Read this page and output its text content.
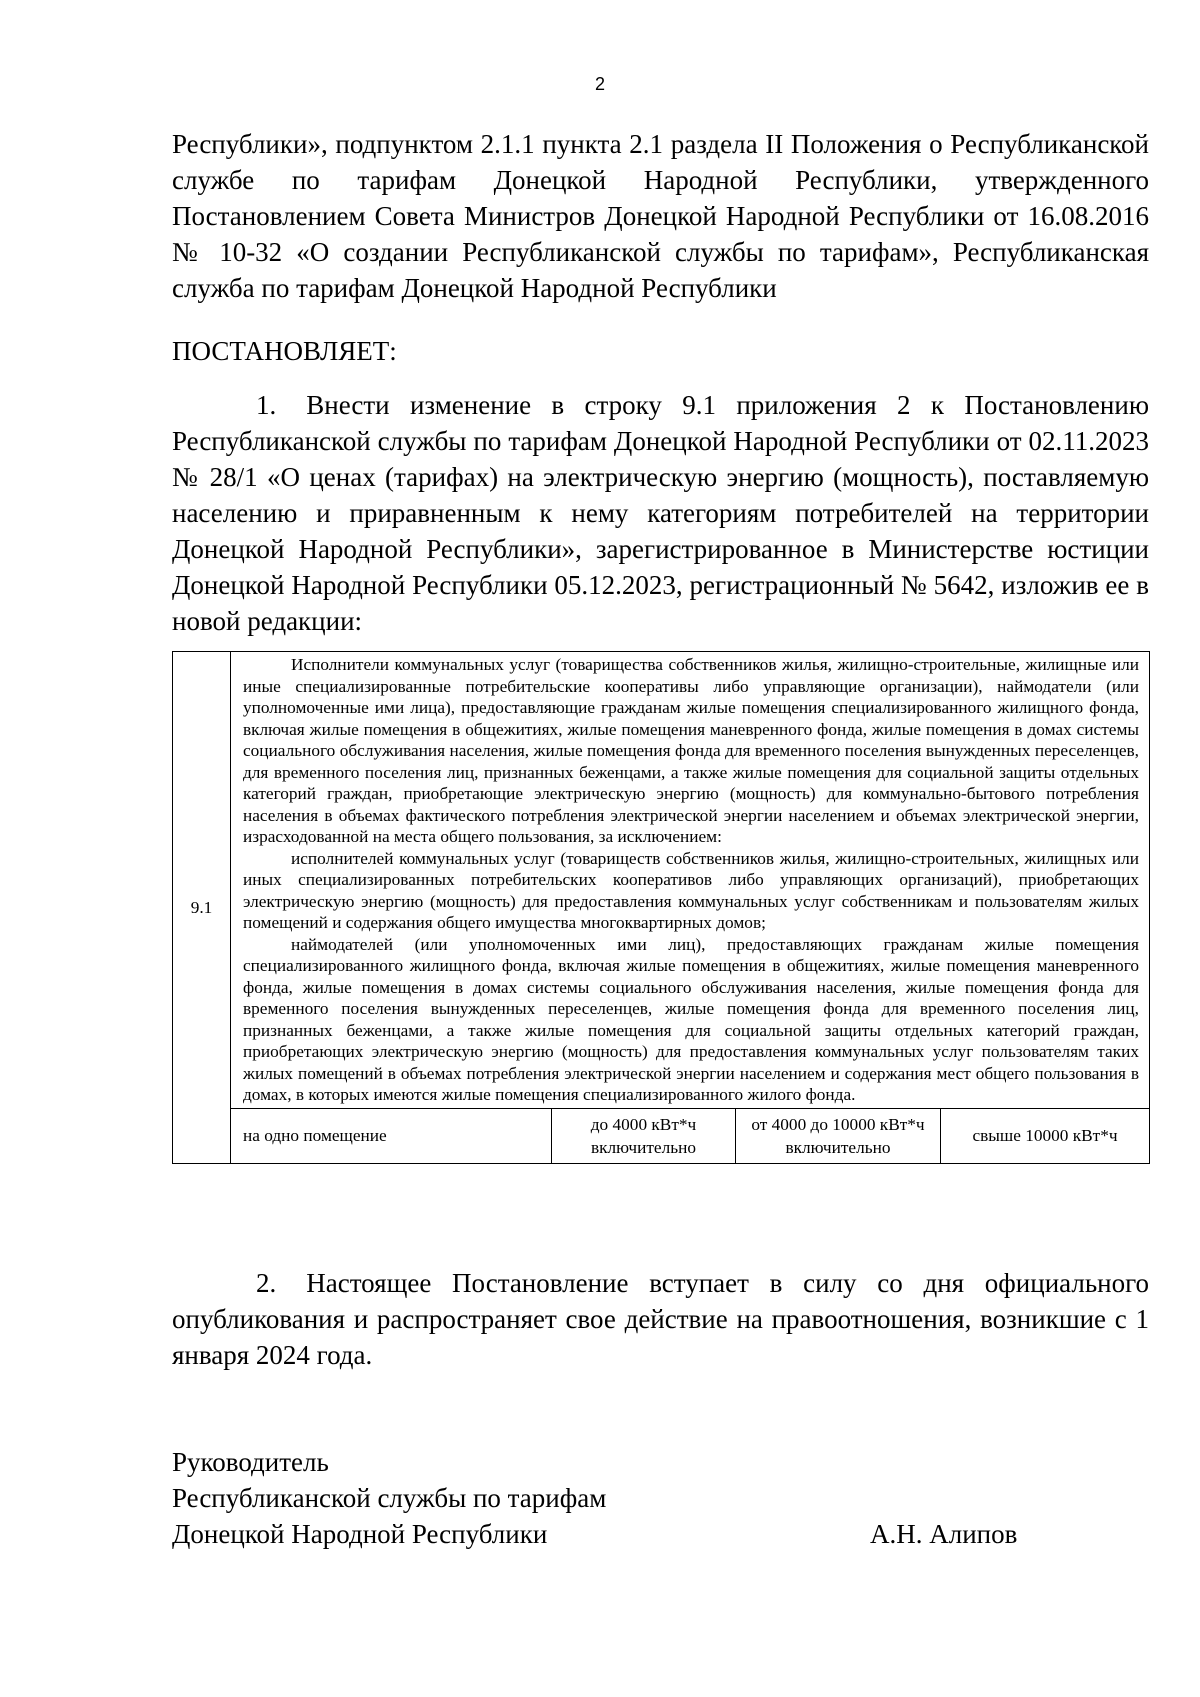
2

Республики», подпунктом 2.1.1 пункта 2.1 раздела II Положения о Республиканской службе по тарифам Донецкой Народной Республики, утвержденного Постановлением Совета Министров Донецкой Народной Республики от 16.08.2016 № 10-32 «О создании Республиканской службы по тарифам», Республиканская служба по тарифам Донецкой Народной Республики

ПОСТАНОВЛЯЕТ:

1. Внести изменение в строку 9.1 приложения 2 к Постановлению Республиканской службы по тарифам Донецкой Народной Республики от 02.11.2023 № 28/1 «О ценах (тарифах) на электрическую энергию (мощность), поставляемую населению и приравненным к нему категориям потребителей на территории Донецкой Народной Республики», зарегистрированное в Министерстве юстиции Донецкой Народной Республики 05.12.2023, регистрационный № 5642, изложив ее в новой редакции:

9.1	Исполнители коммунальных услуг (товарищества собственников жилья, жилищно-строительные, жилищные или иные специализированные потребительские кооперативы либо управляющие организации), наймодатели (или уполномоченные ими лица), предоставляющие гражданам жилые помещения специализированного жилищного фонда, включая жилые помещения в общежитиях, жилые помещения маневренного фонда, жилые помещения в домах системы социального обслуживания населения, жилые помещения фонда для временного поселения вынужденных переселенцев, для временного поселения лиц, признанных беженцами, а также жилые помещения для социальной защиты отдельных категорий граждан, приобретающие электрическую энергию (мощность) для коммунально-бытового потребления населения в объемах фактического потребления электрической энергии населением и объемах электрической энергии, израсходованной на места общего пользования, за исключением:

исполнителей коммунальных услуг (товариществ собственников жилья, жилищно-строительных, жилищных или иных специализированных потребительских кооперативов либо управляющих организаций), приобретающих электрическую энергию (мощность) для предоставления коммунальных услуг собственникам и пользователям жилых помещений и содержания общего имущества многоквартирных домов;

наймодателей (или уполномоченных ими лиц), предоставляющих гражданам жилые помещения специализированного жилищного фонда, включая жилые помещения в общежитиях, жилые помещения маневренного фонда, жилые помещения в домах системы социального обслуживания населения, жилые помещения фонда для временного поселения вынужденных переселенцев, жилые помещения фонда для временного поселения лиц, признанных беженцами, а также жилые помещения для социальной защиты отдельных категорий граждан, приобретающих электрическую энергию (мощность) для предоставления коммунальных услуг пользователям таких жилых помещений в объемах потребления электрической энергии населением и содержания мест общего пользования в домах, в которых имеются жилые помещения специализированного жилого фонда.			

	на одно помещение	до 4000 кВт*ч включительно	от 4000 до 10000 кВт*ч включительно	свыше 10000 кВт*ч

2. Настоящее Постановление вступает в силу со дня официального опубликования и распространяет свое действие на правоотношения, возникшие с 1 января 2024 года.

Руководитель
Республиканской службы по тарифам
Донецкой Народной Республики	А.Н. Алипов
